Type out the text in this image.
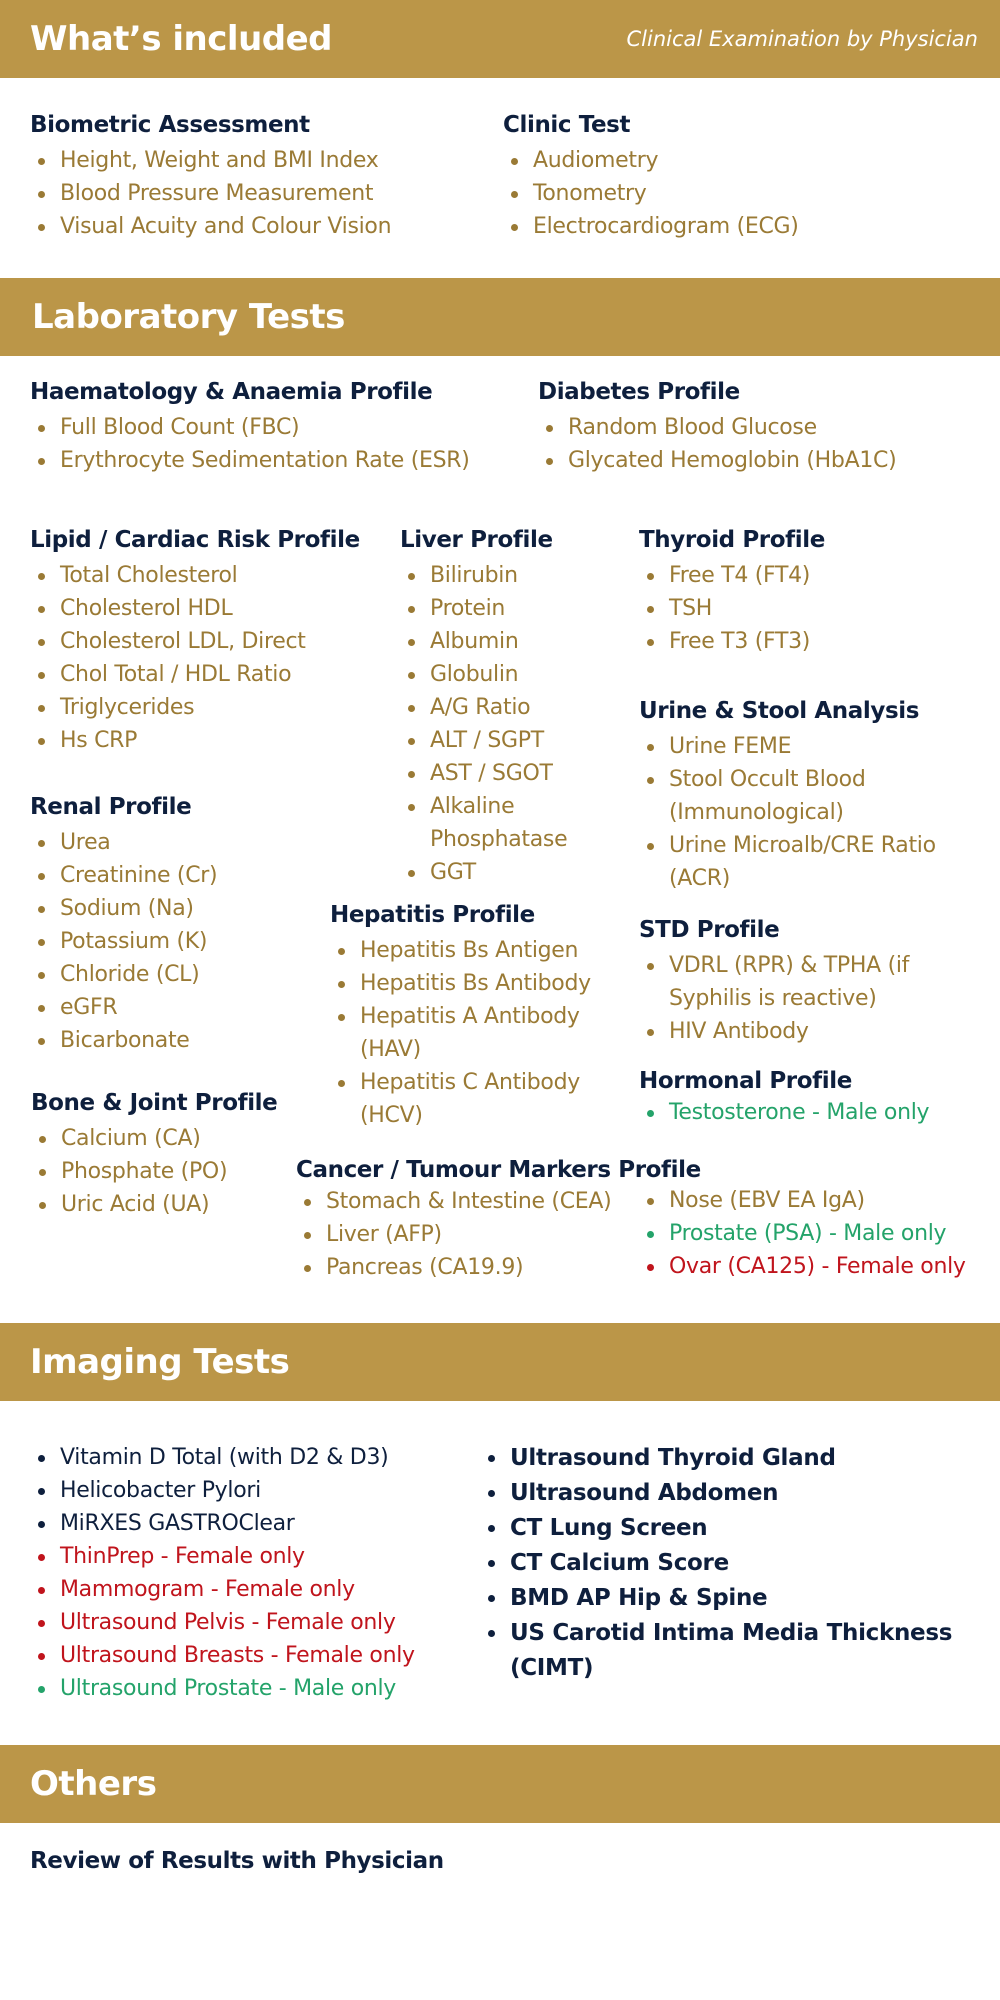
What’s included	Clinical Examination by Physician
Biometric Assessment
Height, Weight and BMI Index
Blood Pressure Measurement
Visual Acuity and Colour Vision
Clinic Test
Audiometry
Tonometry
Electrocardiogram (ECG)
Laboratory Tests
Haematology & Anaemia Profile
Full Blood Count (FBC)
Erythrocyte Sedimentation Rate (ESR)
Diabetes Profile
Random Blood Glucose
Glycated Hemoglobin (HbA1C)
Lipid / Cardiac Risk Profile
Total Cholesterol
Cholesterol HDL
Cholesterol LDL, Direct
Chol Total / HDL Ratio
Triglycerides
Hs CRP
Liver Profile
Bilirubin
Protein
Albumin
Globulin
A/G Ratio
ALT / SGPT
AST / SGOT
Alkaline Phosphatase
GGT
Thyroid Profile
Free T4 (FT4)
TSH
Free T3 (FT3)
Urine & Stool Analysis
Urine FEME
Stool Occult Blood (Immunological)
Urine Microalb/CRE Ratio (ACR)
Renal Profile
Urea
Creatinine (Cr)
Sodium (Na)
Potassium (K)
Chloride (CL)
eGFR
Bicarbonate
Hepatitis Profile
Hepatitis Bs Antigen
Hepatitis Bs Antibody
Hepatitis A Antibody (HAV)
Hepatitis C Antibody (HCV)
STD Profile
VDRL (RPR) & TPHA (if Syphilis is reactive)
HIV Antibody
Hormonal Profile
Testosterone - Male only
Bone & Joint Profile
Calcium (CA)
Phosphate (PO)
Uric Acid (UA)
Cancer / Tumour Markers Profile
Stomach & Intestine (CEA)
Liver (AFP)
Pancreas (CA19.9)
Nose (EBV EA IgA)
Prostate (PSA) - Male only
Ovar (CA125) - Female only
Imaging Tests
Vitamin D Total (with D2 & D3)
Helicobacter Pylori
MiRXES GASTROClear
ThinPrep - Female only
Mammogram - Female only
Ultrasound Pelvis - Female only
Ultrasound Breasts - Female only
Ultrasound Prostate - Male only
Ultrasound Thyroid Gland
Ultrasound Abdomen
CT Lung Screen
CT Calcium Score
BMD AP Hip & Spine
US Carotid Intima Media Thickness (CIMT)
Others
Review of Results with Physician
